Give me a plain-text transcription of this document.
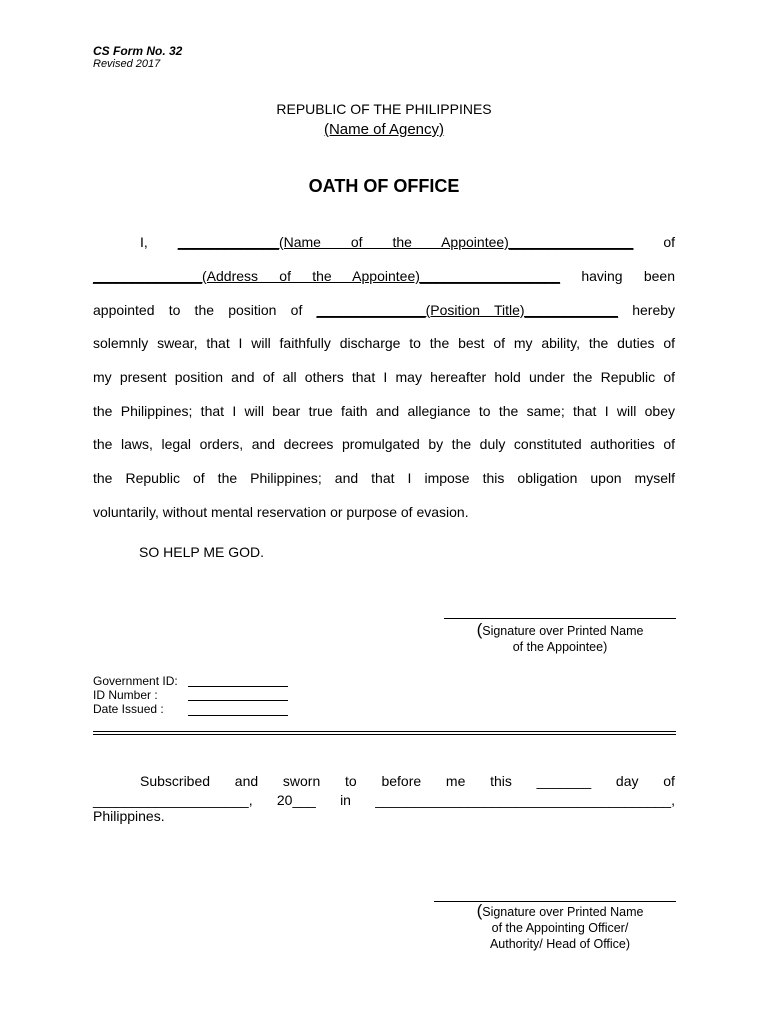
CS Form No. 32
Revised 2017
REPUBLIC OF THE PHILIPPINES
(Name of Agency)
OATH OF OFFICE
I, _____________(Name of the Appointee)________________ of
______________(Address of the Appointee)__________________ having been
appointed to the position of ______________(Position Title)____________ hereby
solemnly swear, that I will faithfully discharge to the best of my ability, the duties of
my present position and of all others that I may hereafter hold under the Republic of
the Philippines; that I will bear true faith and allegiance to the same; that I will obey
the laws, legal orders, and decrees promulgated by the duly constituted authorities of
the Republic of the Philippines; and that I impose this obligation upon myself
voluntarily, without mental reservation or purpose of evasion.
SO HELP ME GOD.
(Signature over Printed Name
of the Appointee)
Government ID:
ID Number :
Date Issued :
Subscribed and sworn to before me this _______ day of
____________________, 20___ in ______________________________________,
Philippines.
(Signature over Printed Name
of the Appointing Officer/
Authority/ Head of Office)
